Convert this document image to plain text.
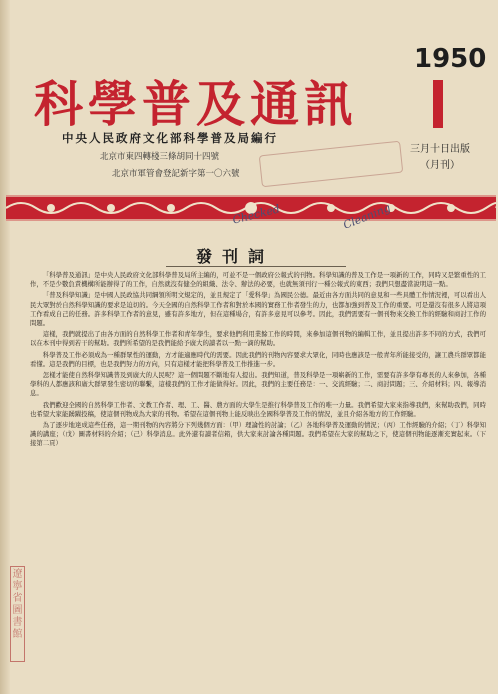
科學普及通訊
1950
三月十日出版
（月刊）
中央人民政府文化部科學普及局編行
北京市東四轉棧三條胡同十四號
北京市軍管會登記新字第一〇六號
Checked	Cleaning
發刊詞

「科學普及通訊」是中央人民政府文化部科學普及局所主編的，可並不是一個政府公報式的刊物。科學知識的普及工作是一項新的工作，同時又是繁重性的工作，不是少數負責機構所能辦得了的工作，自然就沒有健全的組織、法令、辦法的必要，也就無須刊行一種公報式的東西；我們只想盡當說明這一點。

「普及科學知識」是中國人民政協共同綱領所明文規定的，並且規定了「愛科學」為國民公德。最近由各方面共同的意見和一些具體工作情況裡，可以看出人民大眾對於自然科學知識的要求是迫切的。今天全國的自然科學工作者和對於本國的實務工作者發生的力，也都加強到普及工作的重要。可是還沒有很多人將這項工作看成自己的任務。許多科學工作者的意見，雖有許多地方，但在這種場合，有許多意見可以參考。因此，我們需要有一個刊物來交換工作的經驗和商討工作的問題。

這樣，我們就提出了由各方面的自然科學工作者和青年學生，要求他們利用業餘工作的時間，來參加這個刊物的編輯工作，並且提出許多不同的方式，我們可以在本刊中得到若干的幫助。我們所希望的是我們能給予廣大的讀者以一點一滴的幫助。

科學普及工作必須成為一種群眾性的運動，方才能適應時代的需要。因此我們的刊物內容要求大眾化，同時也應該是一般青年所能接受的，讓工農兵群眾都能看懂。這是我們的目標，也是我們努力的方向，只有這樣才能把科學普及工作推進一步。

怎樣才能使自然科學知識普及到廣大的人民呢？這一個問題不斷地有人提出。我們知道，普及科學是一項嶄新的工作，需要有許多學有專長的人來參加，各種學科的人都應該和廣大群眾發生密切的聯繫，這樣我們的工作才能做得好。因此，我們的主要任務是：一、交流經驗；二、商討問題；三、介紹材料；四、報導消息。

我們歡迎全國的自然科學工作者、文教工作者、理、工、醫、農方面的大學生是推行科學普及工作的唯一力量。我們希望大家來指導我們，來幫助我們，同時也希望大家能踴躍投稿，使這個刊物成為大家的刊物。希望在這個刊物上能反映出全國科學普及工作的情況，並且介紹各地方的工作經驗。

為了逐步地達成這些任務，這一期刊物的內容將分下列幾個方面：（甲）理論性的討論；（乙）各地科學普及運動的情況；（丙）工作經驗的介紹；（丁）科學知識的講座；（戊）圖書材料的介紹；（己）科學消息。此外還有讀者信箱，供大家來討論各種問題。我們希望在大家的幫助之下，使這個刊物能逐漸充實起來。（下接第二頁）

遼寧省圖書館
